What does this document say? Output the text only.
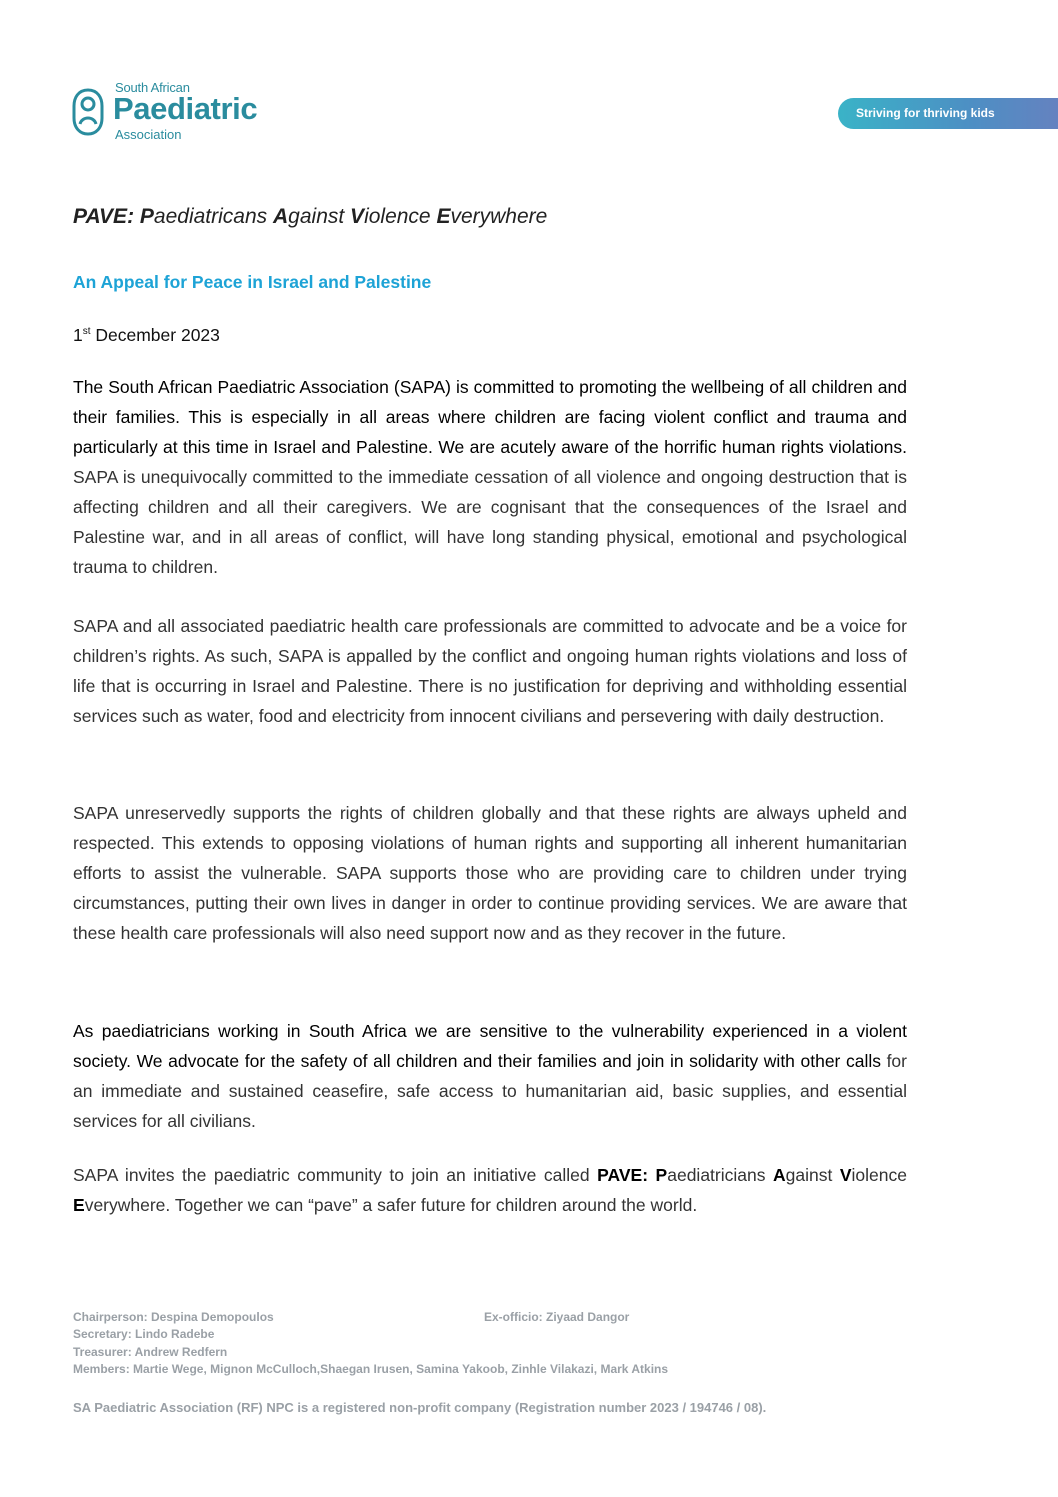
South African
Paediatric
Association
Striving for thriving kids
PAVE: Paediatricans Against Violence Everywhere
An Appeal for Peace in Israel and Palestine
1st December 2023
The South African Paediatric Association (SAPA) is committed to promoting the wellbeing of all children and their families. This is especially in all areas where children are facing violent conflict and trauma and particularly at this time in Israel and Palestine. We are acutely aware of the horrific human rights violations. SAPA is unequivocally committed to the immediate cessation of all violence and ongoing destruction that is affecting children and all their caregivers. We are cognisant that the consequences of the Israel and Palestine war, and in all areas of conflict, will have long standing physical, emotional and psychological trauma to children.
SAPA and all associated paediatric health care professionals are committed to advocate and be a voice for children’s rights. As such, SAPA is appalled by the conflict and ongoing human rights violations and loss of life that is occurring in Israel and Palestine. There is no justification for depriving and withholding essential services such as water, food and electricity from innocent civilians and persevering with daily destruction.
SAPA unreservedly supports the rights of children globally and that these rights are always upheld and respected. This extends to opposing violations of human rights and supporting all inherent humanitarian efforts to assist the vulnerable. SAPA supports those who are providing care to children under trying circumstances, putting their own lives in danger in order to continue providing services. We are aware that these health care professionals will also need support now and as they recover in the future.
As paediatricians working in South Africa we are sensitive to the vulnerability experienced in a violent society. We advocate for the safety of all children and their families and join in solidarity with other calls for an immediate and sustained ceasefire, safe access to humanitarian aid, basic supplies, and essential services for all civilians.
SAPA invites the paediatric community to join an initiative called PAVE: Paediatricians Against Violence Everywhere. Together we can “pave” a safer future for children around the world.
Chairperson: Despina Demopoulos	Ex-officio: Ziyaad Dangor
Secretary: Lindo Radebe
Treasurer: Andrew Redfern
Members: Martie Wege, Mignon McCulloch,Shaegan Irusen, Samina Yakoob, Zinhle Vilakazi, Mark Atkins
SA Paediatric Association (RF) NPC is a registered non-profit company (Registration number 2023 / 194746 / 08).
